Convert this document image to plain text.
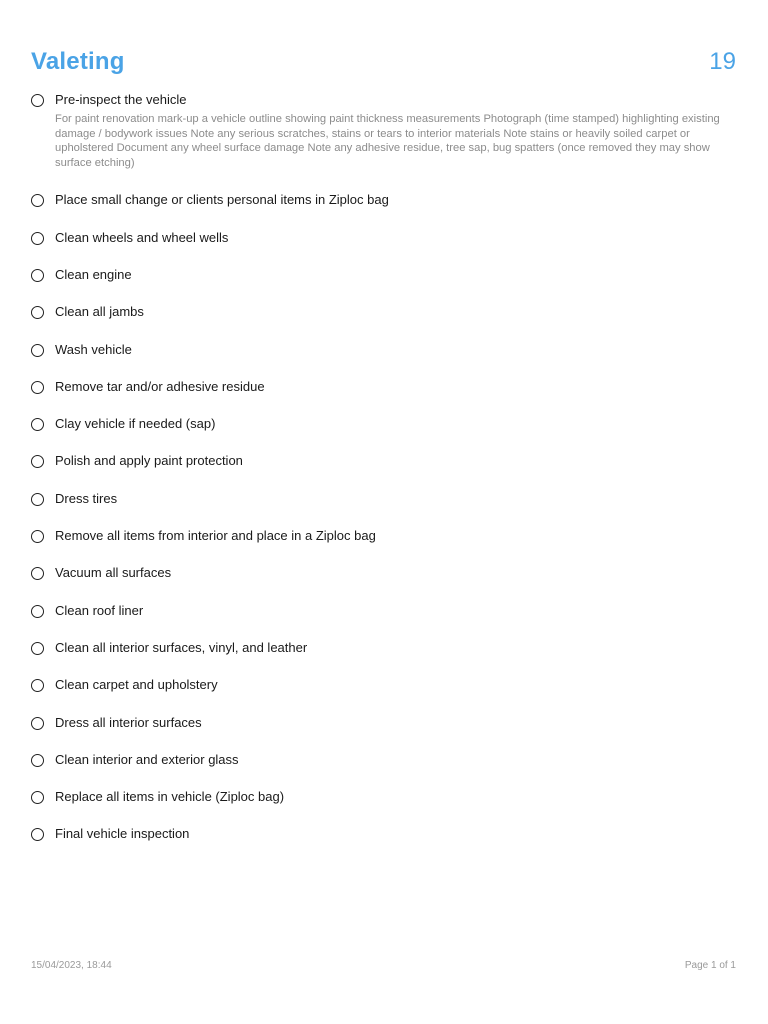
Valeting	19
Pre-inspect the vehicle
For paint renovation mark-up a vehicle outline showing paint thickness measurements Photograph (time stamped) highlighting existing damage / bodywork issues Note any serious scratches, stains or tears to interior materials Note stains or heavily soiled carpet or upholstered Document any wheel surface damage Note any adhesive residue, tree sap, bug spatters (once removed they may show surface etching)
Place small change or clients personal items in Ziploc bag
Clean wheels and wheel wells
Clean engine
Clean all jambs
Wash vehicle
Remove tar and/or adhesive residue
Clay vehicle if needed (sap)
Polish and apply paint protection
Dress tires
Remove all items from interior and place in a Ziploc bag
Vacuum all surfaces
Clean roof liner
Clean all interior surfaces, vinyl, and leather
Clean carpet and upholstery
Dress all interior surfaces
Clean interior and exterior glass
Replace all items in vehicle (Ziploc bag)
Final vehicle inspection
15/04/2023, 18:44	Page 1 of 1
